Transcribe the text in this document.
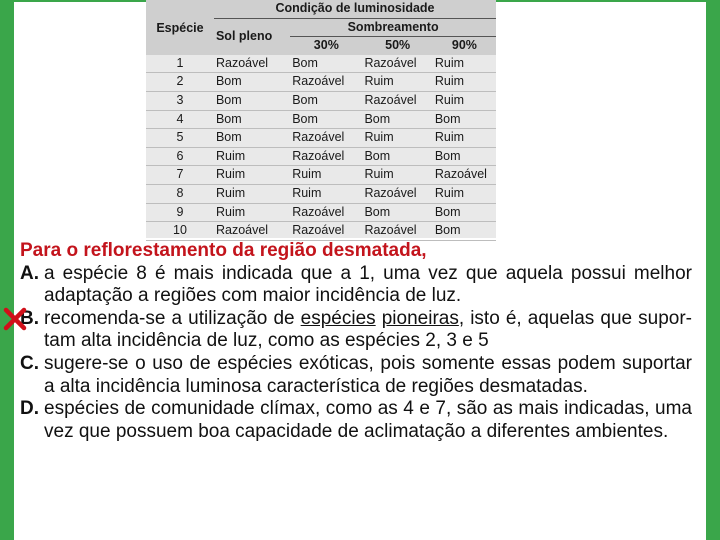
Espécie	Condição de luminosidade			
	Sol pleno	Sombreamento		
		30%	50%	90%
1	Razoável	Bom	Razoável	Ruim
2	Bom	Razoável	Ruim	Ruim
3	Bom	Bom	Razoável	Ruim
4	Bom	Bom	Bom	Bom
5	Bom	Razoável	Ruim	Ruim
6	Ruim	Razoável	Bom	Bom
7	Ruim	Ruim	Ruim	Razoável
8	Ruim	Ruim	Razoável	Ruim
9	Ruim	Razoável	Bom	Bom
10	Razoável	Razoável	Razoável	Bom

Para o reflorestamento da região desmatada,

A. a espécie 8 é mais indicada que a 1, uma vez que aquela possui melhor adaptação a regiões com maior incidência de luz.

B. recomenda-se a utilização de espécies pioneiras, isto é, aquelas que supor-tam alta incidência de luz, como as espécies 2, 3 e 5

C. sugere-se o uso de espécies exóticas, pois somente essas podem suportar a alta incidência luminosa característica de regiões desmatadas.

D. espécies de comunidade clímax, como as 4 e 7, são as mais indicadas, uma vez que possuem boa capacidade de aclimatação a diferentes ambientes.
